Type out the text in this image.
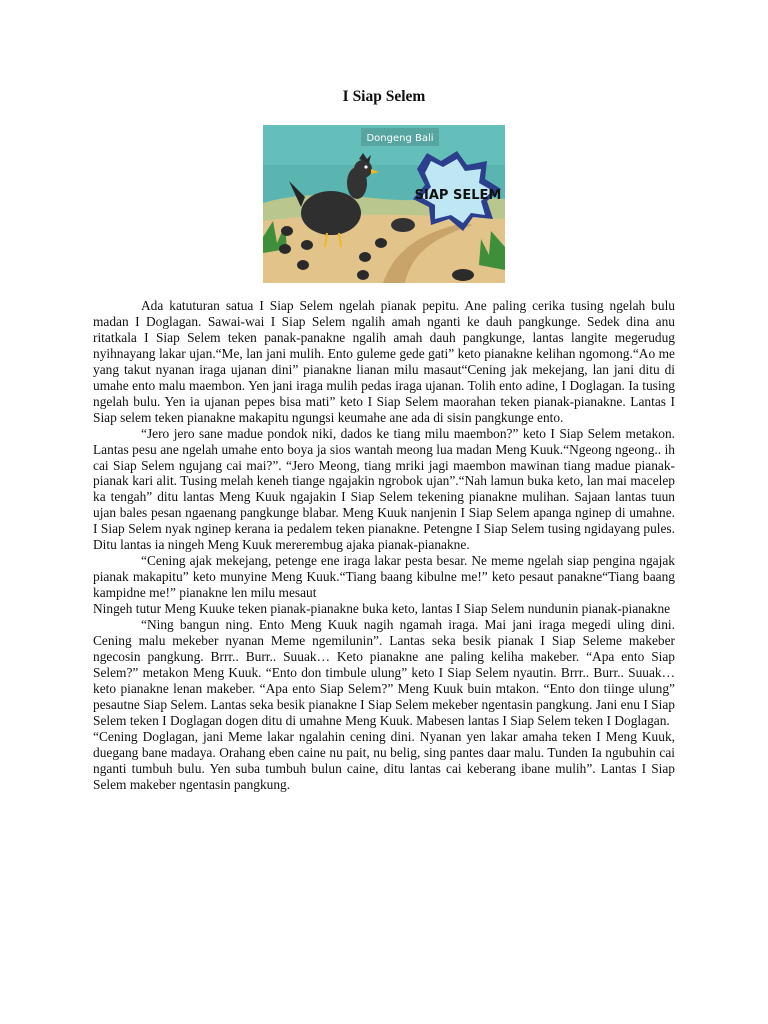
I Siap Selem
Dongeng Bali
SIAP SELEM

Ada katuturan satua I Siap Selem ngelah pianak pepitu. Ane paling cerika tusing ngelah bulu madan I Doglagan. Sawai-wai I Siap Selem ngalih amah nganti ke dauh pangkunge. Sedek dina anu ritatkala I Siap Selem teken panak-panakne ngalih amah dauh pangkunge, lantas langite megerudug nyihnayang lakar ujan.“Me, lan jani mulih. Ento guleme gede gati” keto pianakne kelihan ngomong.“Ao me yang takut nyanan iraga ujanan dini” pianakne lianan milu masaut“Cening jak mekejang, lan jani ditu di umahe ento malu maembon. Yen jani iraga mulih pedas iraga ujanan. Tolih ento adine, I Doglagan. Ia tusing ngelah bulu. Yen ia ujanan pepes bisa mati” keto I Siap Selem maorahan teken pianak-pianakne. Lantas I Siap selem teken pianakne makapitu ngungsi keumahe ane ada di sisin pangkunge ento.

“Jero jero sane madue pondok niki, dados ke tiang milu maembon?” keto I Siap Selem metakon. Lantas pesu ane ngelah umahe ento boya ja sios wantah meong lua madan Meng Kuuk.“Ngeong ngeong.. ih cai Siap Selem ngujang cai mai?”. “Jero Meong, tiang mriki jagi maembon mawinan tiang madue pianak-pianak kari alit. Tusing melah keneh tiange ngajakin ngrobok ujan”.“Nah lamun buka keto, lan mai macelep ka tengah” ditu lantas Meng Kuuk ngajakin I Siap Selem tekening pianakne mulihan. Sajaan lantas tuun ujan bales pesan ngaenang pangkunge blabar. Meng Kuuk nanjenin I Siap Selem apanga nginep di umahne. I Siap Selem nyak nginep kerana ia pedalem teken pianakne. Petengne I Siap Selem tusing ngidayang pules. Ditu lantas ia ningeh Meng Kuuk mererembug ajaka pianak-pianakne.

“Cening ajak mekejang, petenge ene iraga lakar pesta besar. Ne meme ngelah siap pengina ngajak pianak makapitu” keto munyine Meng Kuuk.“Tiang baang kibulne me!” keto pesaut panakne“Tiang baang kampidne me!” pianakne len milu mesaut

Ningeh tutur Meng Kuuke teken pianak-pianakne buka keto, lantas I Siap Selem nundunin pianak-pianakne

“Ning bangun ning. Ento Meng Kuuk nagih ngamah iraga. Mai jani iraga megedi uling dini. Cening malu mekeber nyanan Meme ngemilunin”. Lantas seka besik pianak I Siap Seleme makeber ngecosin pangkung. Brrr.. Burr.. Suuak… Keto pianakne ane paling keliha makeber. “Apa ento Siap Selem?” metakon Meng Kuuk. “Ento don timbule ulung” keto I Siap Selem nyautin. Brrr.. Burr.. Suuak… keto pianakne lenan makeber. “Apa ento Siap Selem?” Meng Kuuk buin mtakon. “Ento don tiinge ulung” pesautne Siap Selem. Lantas seka besik pianakne I Siap Selem mekeber ngentasin pangkung. Jani enu I Siap Selem teken I Doglagan dogen ditu di umahne Meng Kuuk. Mabesen lantas I Siap Selem teken I Doglagan.

“Cening Doglagan, jani Meme lakar ngalahin cening dini. Nyanan yen lakar amaha teken I Meng Kuuk, duegang bane madaya. Orahang eben caine nu pait, nu belig, sing pantes daar malu. Tunden Ia ngubuhin cai nganti tumbuh bulu. Yen suba tumbuh bulun caine, ditu lantas cai keberang ibane mulih”. Lantas I Siap Selem makeber ngentasin pangkung.
